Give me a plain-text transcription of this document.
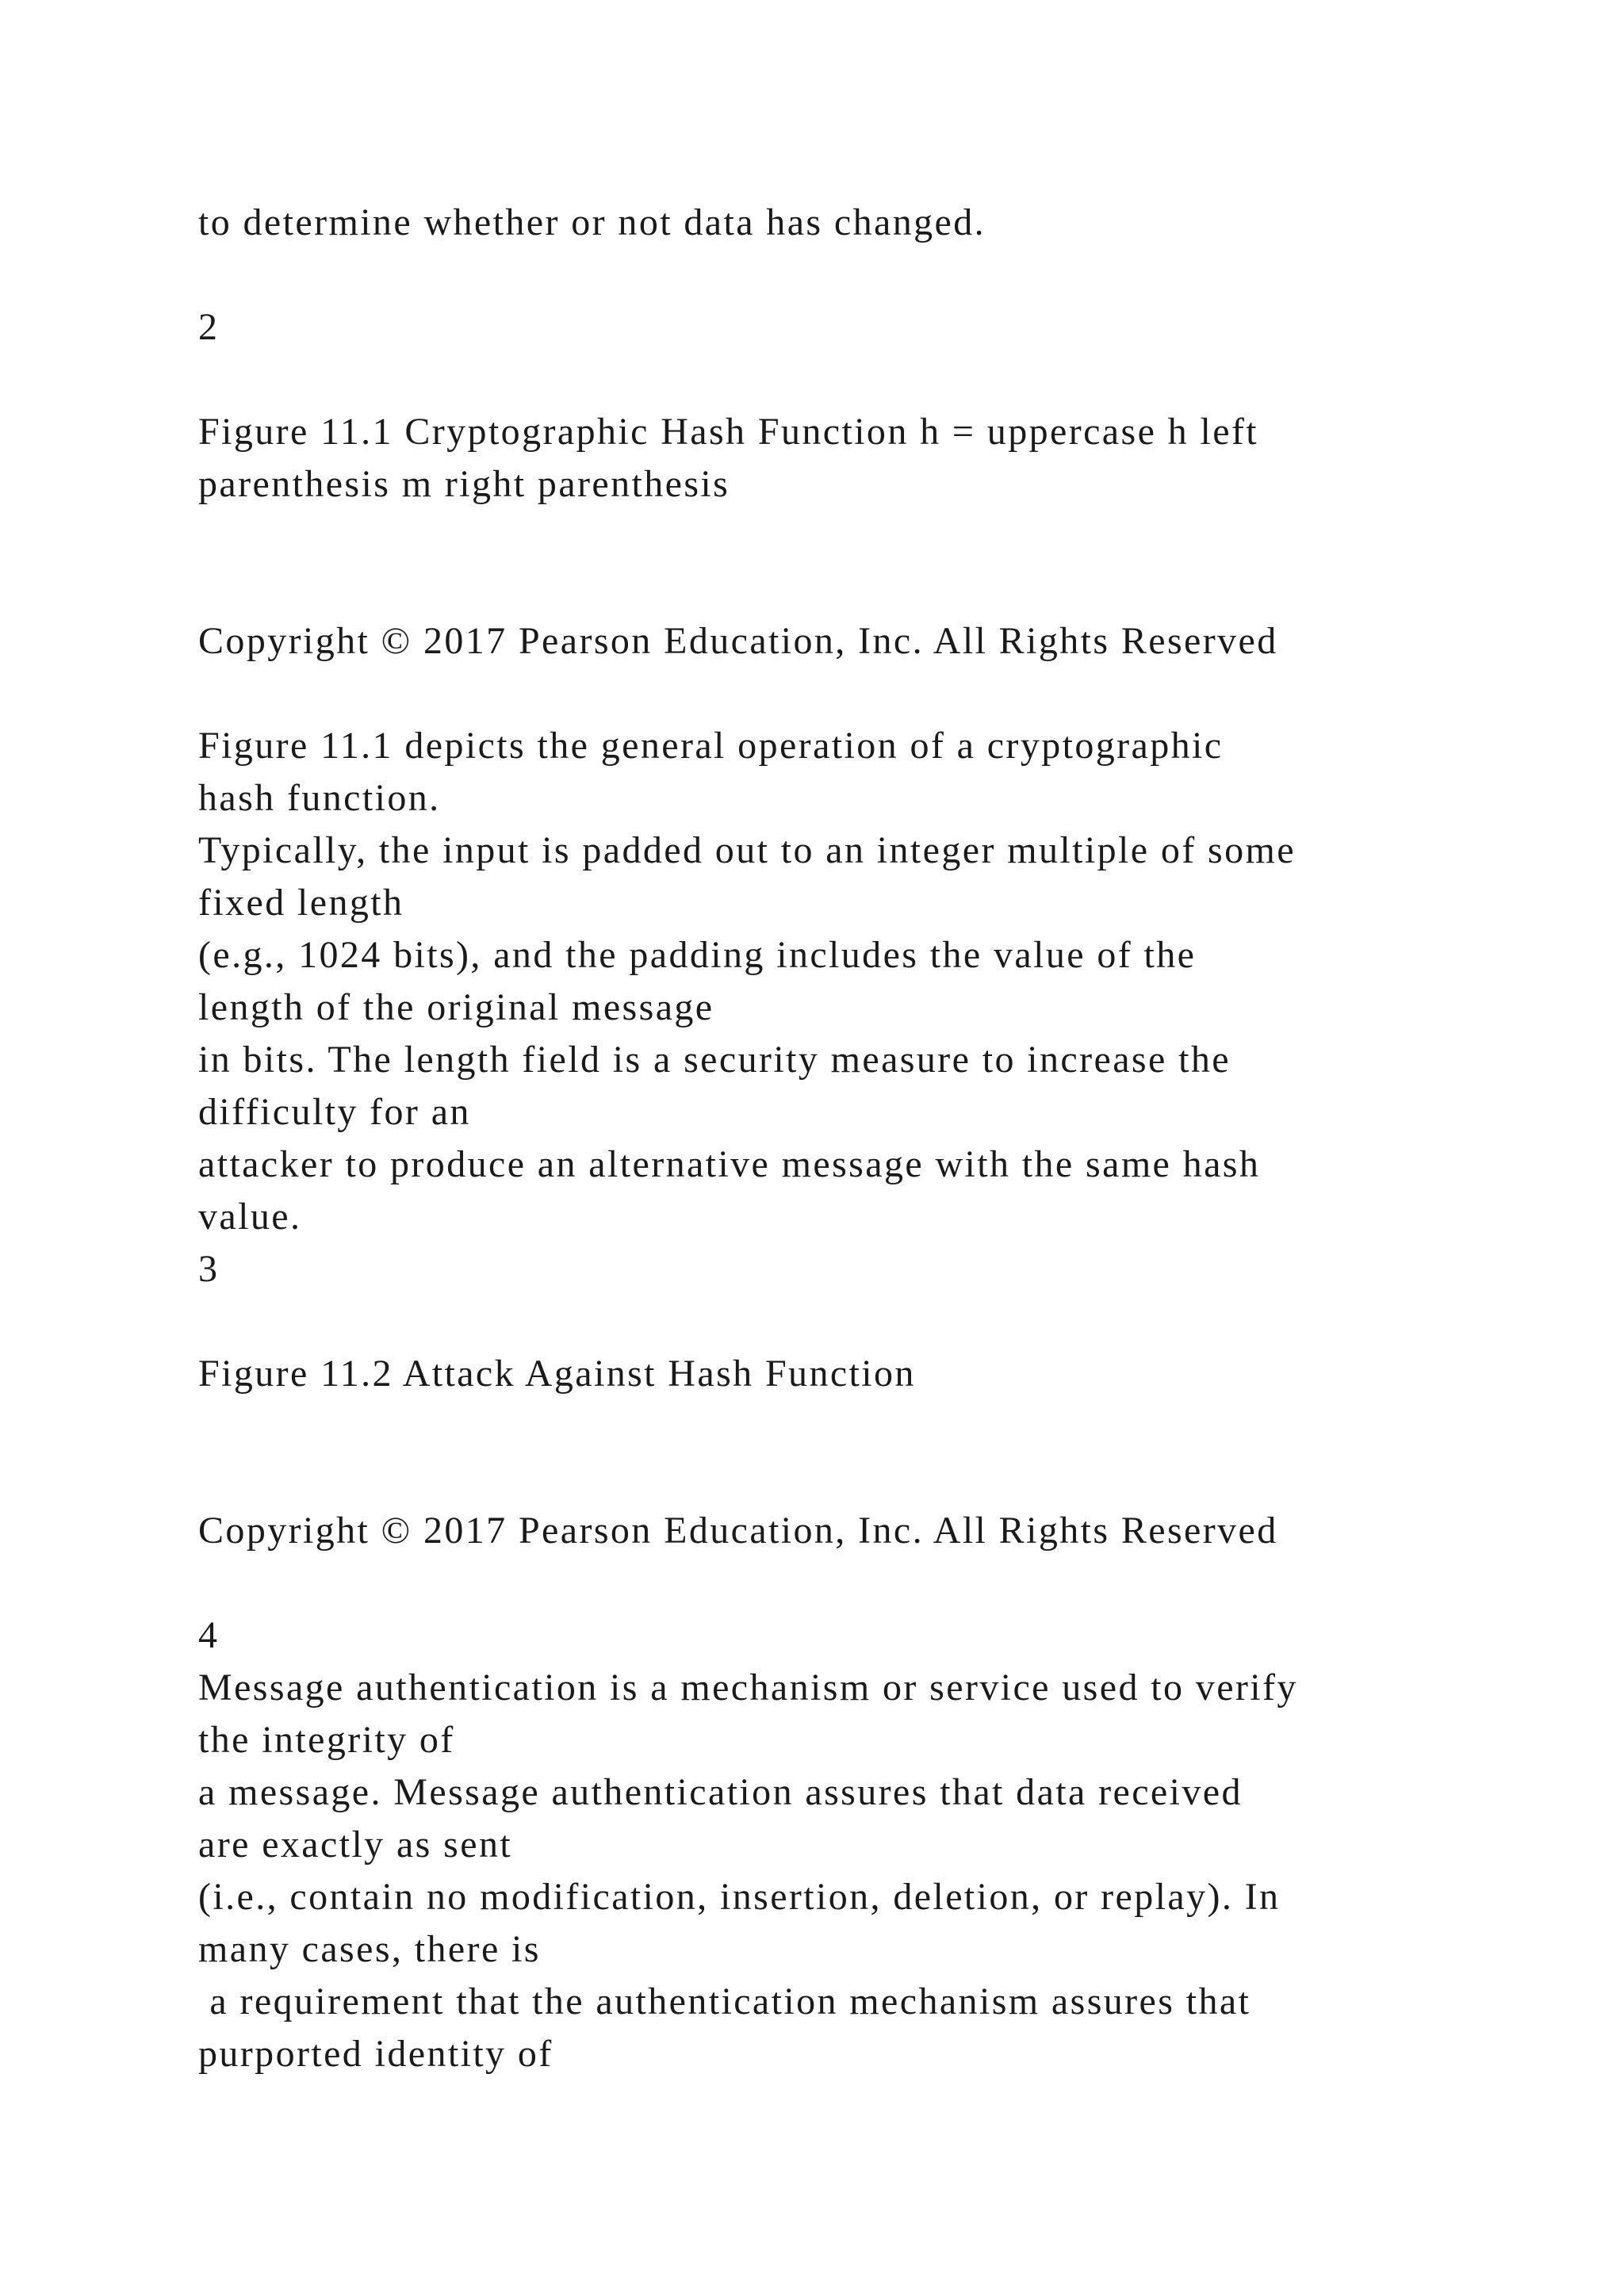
to determine whether or not data has changed.

2

Figure 11.1 Cryptographic Hash Function h = uppercase h left

parenthesis m right parenthesis

Copyright © 2017 Pearson Education, Inc. All Rights Reserved

Figure 11.1 depicts the general operation of a cryptographic

hash function.

Typically, the input is padded out to an integer multiple of some

fixed length

(e.g., 1024 bits), and the padding includes the value of the

length of the original message

in bits. The length field is a security measure to increase the

difficulty for an

attacker to produce an alternative message with the same hash

value.

3

Figure 11.2 Attack Against Hash Function

Copyright © 2017 Pearson Education, Inc. All Rights Reserved

4

Message authentication is a mechanism or service used to verify

the integrity of

a message. Message authentication assures that data received

are exactly as sent

(i.e., contain no modification, insertion, deletion, or replay). In

many cases, there is

a requirement that the authentication mechanism assures that

purported identity of
